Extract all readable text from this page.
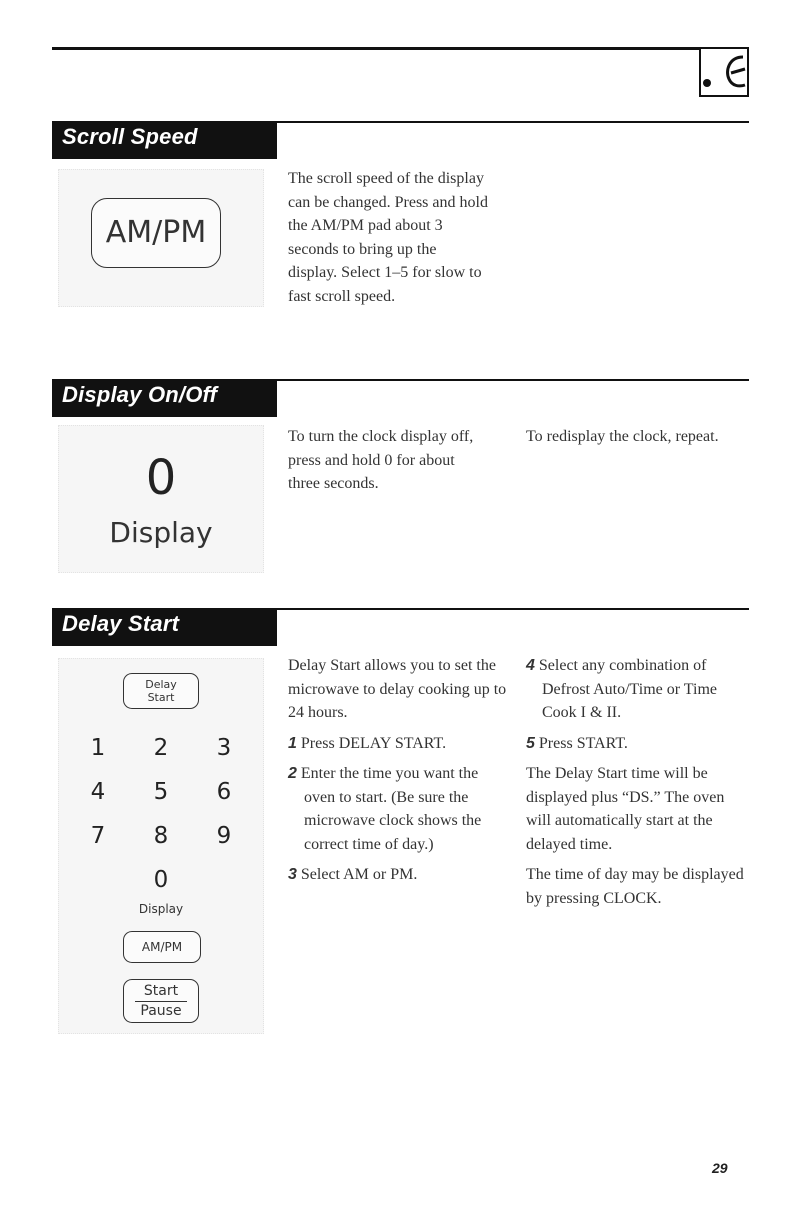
Scroll Speed
AM/PM

The scroll speed of the display can be changed. Press and hold the AM/PM pad about 3 seconds to bring up the display. Select 1–5 for slow to fast scroll speed.

Display On/Off
0
Display

To turn the clock display off, press and hold 0 for about three seconds.

To redisplay the clock, repeat.

Delay Start
Delay
Start
1	2	3
4	5	6
7	8	9
0
Display
AM/PM
Start
Pause

Delay Start allows you to set the microwave to delay cooking up to 24 hours.

1 Press DELAY START.

2 Enter the time you want the oven to start. (Be sure the microwave clock shows the correct time of day.)

3 Select AM or PM.

4 Select any combination of Defrost Auto/Time or Time Cook I & II.

5 Press START.

The Delay Start time will be displayed plus “DS.” The oven will automatically start at the delayed time.

The time of day may be displayed by pressing CLOCK.

29
